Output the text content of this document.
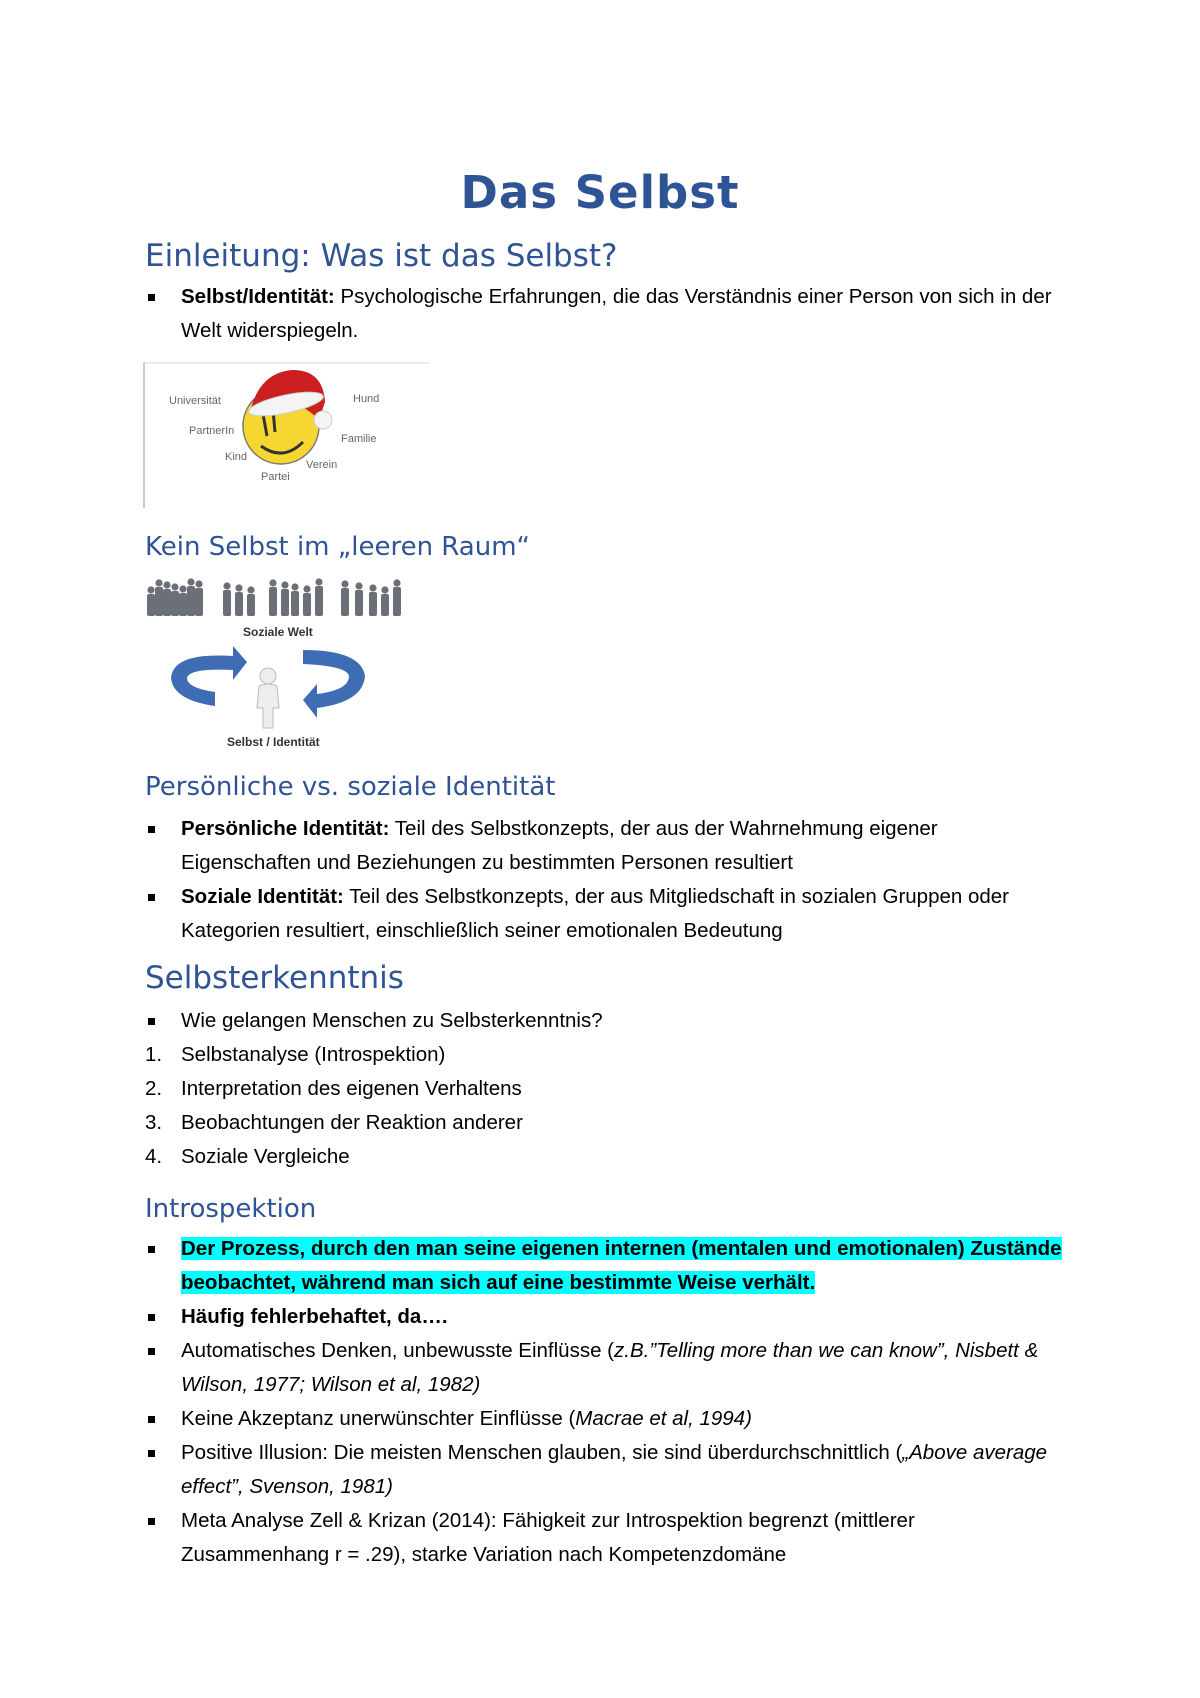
Das Selbst
Einleitung: Was ist das Selbst?
Selbst/Identität: Psychologische Erfahrungen, die das Verständnis einer Person von sich in der Welt widerspiegeln.
Universität	Hund
PartnerIn
Familie
Kind
Verein
Partei
Kein Selbst im „leeren Raum“
Soziale Welt
Selbst / Identität
Persönliche vs. soziale Identität
Persönliche Identität: Teil des Selbstkonzepts, der aus der Wahrnehmung eigener Eigenschaften und Beziehungen zu bestimmten Personen resultiert
Soziale Identität: Teil des Selbstkonzepts, der aus Mitgliedschaft in sozialen Gruppen oder Kategorien resultiert, einschließlich seiner emotionalen Bedeutung
Selbsterkenntnis
Wie gelangen Menschen zu Selbsterkenntnis?
1. Selbstanalyse (Introspektion)
2. Interpretation des eigenen Verhaltens
3. Beobachtungen der Reaktion anderer
4. Soziale Vergleiche
Introspektion
Der Prozess, durch den man seine eigenen internen (mentalen und emotionalen) Zustände beobachtet, während man sich auf eine bestimmte Weise verhält.
Häufig fehlerbehaftet, da….
Automatisches Denken, unbewusste Einflüsse (z.B.”Telling more than we can know”, Nisbett & Wilson, 1977; Wilson et al, 1982)
Keine Akzeptanz unerwünschter Einflüsse (Macrae et al, 1994)
Positive Illusion: Die meisten Menschen glauben, sie sind überdurchschnittlich („Above average effect”, Svenson, 1981)
Meta Analyse Zell & Krizan (2014): Fähigkeit zur Introspektion begrenzt (mittlerer Zusammenhang r = .29), starke Variation nach Kompetenzdomäne
